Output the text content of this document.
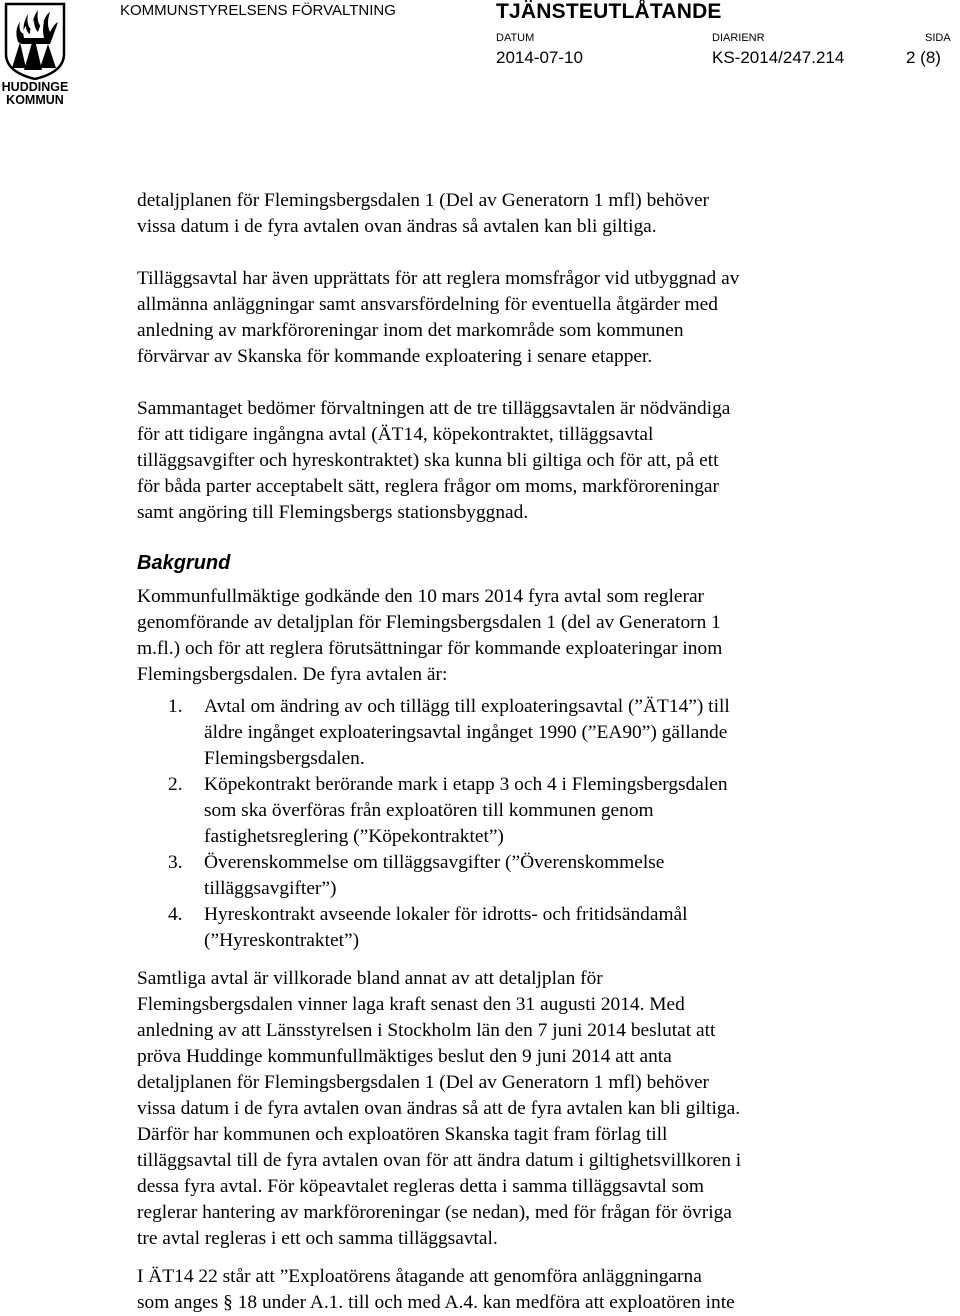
HUDDINGE
KOMMUN
KOMMUNSTYRELSENS FÖRVALTNING	TJÄNSTEUTLÅTANDE
DATUM
2014-07-10
DIARIENR
KS-2014/247.214
SIDA
2 (8)
detaljplanen för Flemingsbergsdalen 1 (Del av Generatorn 1 mfl) behöver
vissa datum i de fyra avtalen ovan ändras så avtalen kan bli giltiga.
Tilläggsavtal har även upprättats för att reglera momsfrågor vid utbyggnad av
allmänna anläggningar samt ansvarsfördelning för eventuella åtgärder med
anledning av markföroreningar inom det markområde som kommunen
förvärvar av Skanska för kommande exploatering i senare etapper.
Sammantaget bedömer förvaltningen att de tre tilläggsavtalen är nödvändiga
för att tidigare ingångna avtal (ÄT14, köpekontraktet, tilläggsavtal
tilläggsavgifter och hyreskontraktet) ska kunna bli giltiga och för att, på ett
för båda parter acceptabelt sätt, reglera frågor om moms, markföroreningar
samt angöring till Flemingsbergs stationsbyggnad.
Bakgrund
Kommunfullmäktige godkände den 10 mars 2014 fyra avtal som reglerar
genomförande av detaljplan för Flemingsbergsdalen 1 (del av Generatorn 1
m.fl.) och för att reglera förutsättningar för kommande exploateringar inom
Flemingsbergsdalen. De fyra avtalen är:
1. Avtal om ändring av och tillägg till exploateringsavtal (”ÄT14”) till
äldre ingånget exploateringsavtal ingånget 1990 (”EA90”) gällande
Flemingsbergsdalen.
2. Köpekontrakt berörande mark i etapp 3 och 4 i Flemingsbergsdalen
som ska överföras från exploatören till kommunen genom
fastighetsreglering (”Köpekontraktet”)
3. Överenskommelse om tilläggsavgifter (”Överenskommelse
tilläggsavgifter”)
4. Hyreskontrakt avseende lokaler för idrotts- och fritidsändamål
(”Hyreskontraktet”)
Samtliga avtal är villkorade bland annat av att detaljplan för
Flemingsbergsdalen vinner laga kraft senast den 31 augusti 2014. Med
anledning av att Länsstyrelsen i Stockholm län den 7 juni 2014 beslutat att
pröva Huddinge kommunfullmäktiges beslut den 9 juni 2014 att anta
detaljplanen för Flemingsbergsdalen 1 (Del av Generatorn 1 mfl) behöver
vissa datum i de fyra avtalen ovan ändras så att de fyra avtalen kan bli giltiga.
Därför har kommunen och exploatören Skanska tagit fram förlag till
tilläggsavtal till de fyra avtalen ovan för att ändra datum i giltighetsvillkoren i
dessa fyra avtal. För köpeavtalet regleras detta i samma tilläggsavtal som
reglerar hantering av markföroreningar (se nedan), med för frågan för övriga
tre avtal regleras i ett och samma tilläggsavtal.
I ÄT14 22 står att ”Exploatörens åtagande att genomföra anläggningarna
som anges § 18 under A.1. till och med A.4. kan medföra att exploatören inte
